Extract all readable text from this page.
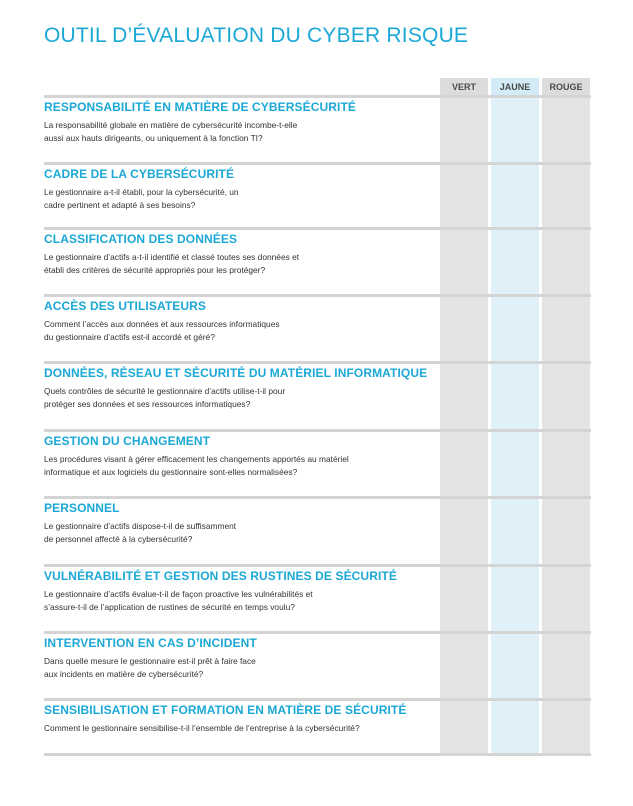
OUTIL D’ÉVALUATION DU CYBER RISQUE
VERT	JAUNE	ROUGE
RESPONSABILITÉ EN MATIÈRE DE CYBERSÉCURITÉ
La responsabilité globale en matière de cybersécurité incombe-t-elle
aussi aux hauts dirigeants, ou uniquement à la fonction TI?
CADRE DE LA CYBERSÉCURITÉ
Le gestionnaire a-t-il établi, pour la cybersécurité, un
cadre pertinent et adapté à ses besoins?
CLASSIFICATION DES DONNÉES
Le gestionnaire d’actifs a-t-il identifié et classé toutes ses données et
établi des critères de sécurité appropriés pour les protéger?
ACCÈS DES UTILISATEURS
Comment l’accès aux données et aux ressources informatiques
du gestionnaire d’actifs est-il accordé et géré?
DONNÉES, RÉSEAU ET SÉCURITÉ DU MATÉRIEL INFORMATIQUE
Quels contrôles de sécurité le gestionnaire d’actifs utilise-t-il pour
protéger ses données et ses ressources informatiques?
GESTION DU CHANGEMENT
Les procédures visant à gérer efficacement les changements apportés au matériel
informatique et aux logiciels du gestionnaire sont-elles normalisées?
PERSONNEL
Le gestionnaire d’actifs dispose-t-il de suffisamment
de personnel affecté à la cybersécurité?
VULNÉRABILITÉ ET GESTION DES RUSTINES DE SÉCURITÉ
Le gestionnaire d’actifs évalue-t-il de façon proactive les vulnérabilités et
s’assure-t-il de l’application de rustines de sécurité en temps voulu?
INTERVENTION EN CAS D’INCIDENT
Dans quelle mesure le gestionnaire est-il prêt à faire face
aux incidents en matière de cybersécurité?
SENSIBILISATION ET FORMATION EN MATIÈRE DE SÉCURITÉ
Comment le gestionnaire sensibilise-t-il l’ensemble de l’entreprise à la cybersécurité?
